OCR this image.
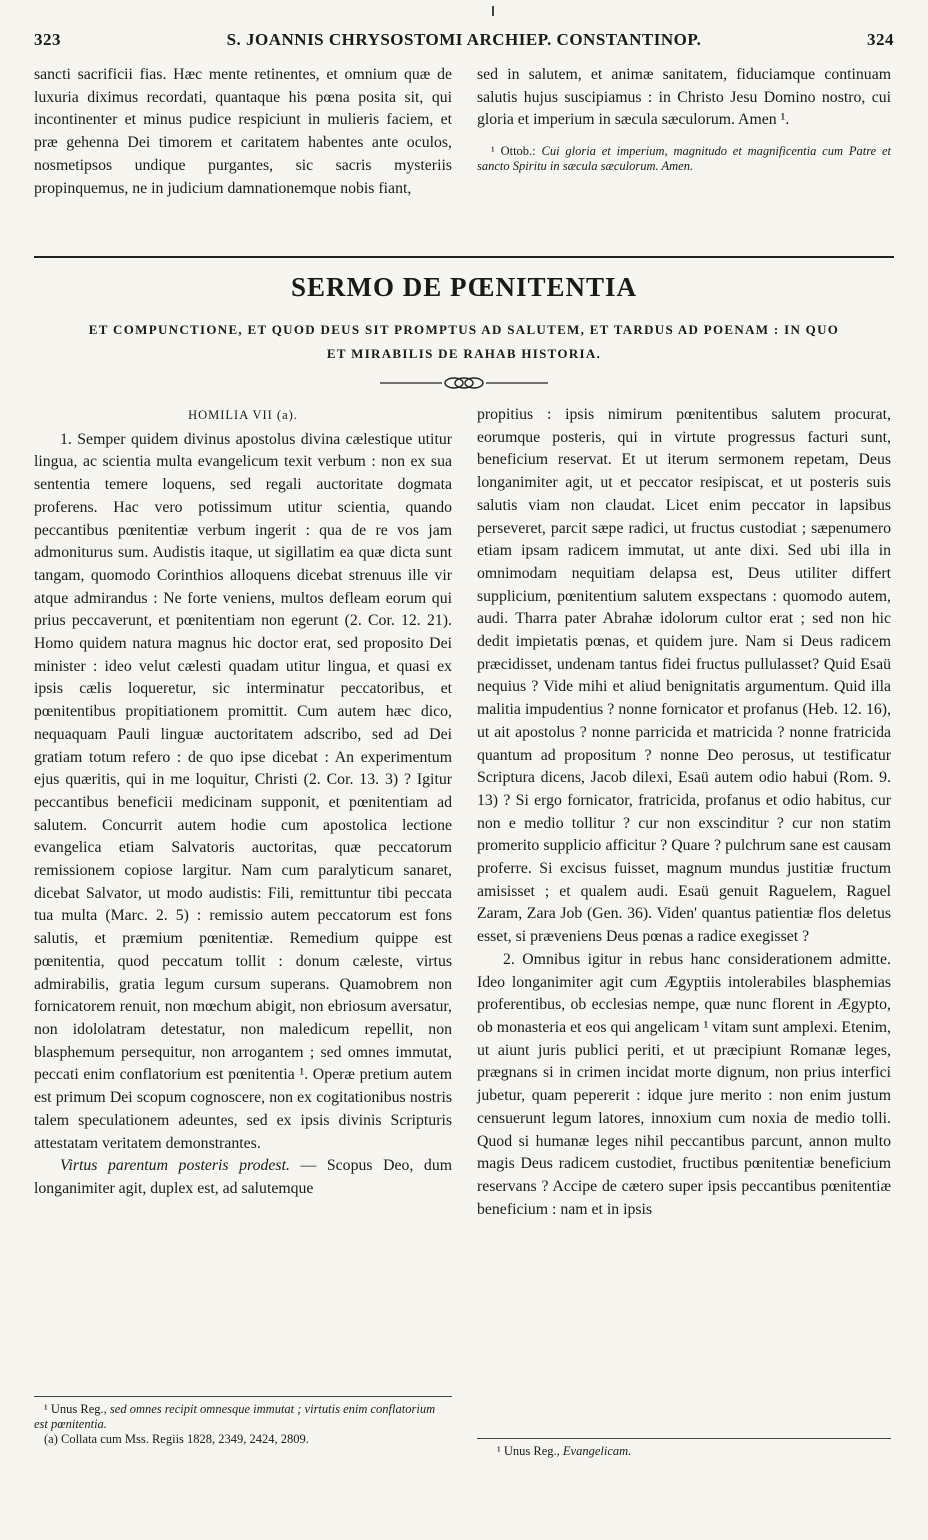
323	S. JOANNIS CHRYSOSTOMI ARCHIEP. CONSTANTINOP.	324

sancti sacrificii fias. Hæc mente retinentes, et omnium quæ de luxuria diximus recordati, quantaque his pœna posita sit, qui incontinenter et minus pudice respiciunt in mulieris faciem, et præ gehenna Dei timorem et caritatem habentes ante oculos, nosmetipsos undique purgantes, sic sacris mysteriis propinquemus, ne in judicium damnationemque nobis fiant,

sed in salutem, et animæ sanitatem, fiduciamque continuam salutis hujus suscipiamus : in Christo Jesu Domino nostro, cui gloria et imperium in sæcula sæculorum. Amen ¹.

¹ Ottob.: Cui gloria et imperium, magnitudo et magnificentia cum Patre et sancto Spiritu in sæcula sæculorum. Amen.

SERMO DE PŒNITENTIA
ET COMPUNCTIONE, ET QUOD DEUS SIT PROMPTUS AD SALUTEM, ET TARDUS AD POENAM : IN QUO
ET MIRABILIS DE RAHAB HISTORIA.
HOMILIA VII (a).

1. Semper quidem divinus apostolus divina cælestique utitur lingua, ac scientia multa evangelicum texit verbum : non ex sua sententia temere loquens, sed regali auctoritate dogmata proferens. Hac vero potissimum utitur scientia, quando peccantibus pœnitentiæ verbum ingerit : qua de re vos jam admoniturus sum. Audistis itaque, ut sigillatim ea quæ dicta sunt tangam, quomodo Corinthios alloquens dicebat strenuus ille vir atque admirandus : Ne forte veniens, multos defleam eorum qui prius peccaverunt, et pœnitentiam non egerunt (2. Cor. 12. 21). Homo quidem natura magnus hic doctor erat, sed proposito Dei minister : ideo velut cælesti quadam utitur lingua, et quasi ex ipsis cælis loqueretur, sic interminatur peccatoribus, et pœnitentibus propitiationem promittit. Cum autem hæc dico, nequaquam Pauli linguæ auctoritatem adscribo, sed ad Dei gratiam totum refero : de quo ipse dicebat : An experimentum ejus quæritis, qui in me loquitur, Christi (2. Cor. 13. 3) ? Igitur peccantibus beneficii medicinam supponit, et pœnitentiam ad salutem. Concurrit autem hodie cum apostolica lectione evangelica etiam Salvatoris auctoritas, quæ peccatorum remissionem copiose largitur. Nam cum paralyticum sanaret, dicebat Salvator, ut modo audistis: Fili, remittuntur tibi peccata tua multa (Marc. 2. 5) : remissio autem peccatorum est fons salutis, et præmium pœnitentiæ. Remedium quippe est pœnitentia, quod peccatum tollit : donum cæleste, virtus admirabilis, gratia legum cursum superans. Quamobrem non fornicatorem renuit, non mœchum abigit, non ebriosum aversatur, non idololatram detestatur, non maledicum repellit, non blasphemum persequitur, non arrogantem ; sed omnes immutat, peccati enim conflatorium est pœnitentia ¹. Operæ pretium autem est primum Dei scopum cognoscere, non ex cogitationibus nostris talem speculationem adeuntes, sed ex ipsis divinis Scripturis attestatam veritatem demonstrantes.

Virtus parentum posteris prodest. — Scopus Deo, dum longanimiter agit, duplex est, ad salutemque

propitius : ipsis nimirum pœnitentibus salutem procurat, eorumque posteris, qui in virtute progressus facturi sunt, beneficium reservat. Et ut iterum sermonem repetam, Deus longanimiter agit, ut et peccator resipiscat, et ut posteris suis salutis viam non claudat. Licet enim peccator in lapsibus perseveret, parcit sæpe radici, ut fructus custodiat ; sæpenumero etiam ipsam radicem immutat, ut ante dixi. Sed ubi illa in omnimodam nequitiam delapsa est, Deus utiliter differt supplicium, pœnitentium salutem exspectans : quomodo autem, audi. Tharra pater Abrahæ idolorum cultor erat ; sed non hic dedit impietatis pœnas, et quidem jure. Nam si Deus radicem præcidisset, undenam tantus fidei fructus pullulasset? Quid Esaü nequius ? Vide mihi et aliud benignitatis argumentum. Quid illa malitia impudentius ? nonne fornicator et profanus (Heb. 12. 16), ut ait apostolus ? nonne parricida et matricida ? nonne fratricida quantum ad propositum ? nonne Deo perosus, ut testificatur Scriptura dicens, Jacob dilexi, Esaü autem odio habui (Rom. 9. 13) ? Si ergo fornicator, fratricida, profanus et odio habitus, cur non e medio tollitur ? cur non exscinditur ? cur non statim promerito supplicio afficitur ? Quare ? pulchrum sane est causam proferre. Si excisus fuisset, magnum mundus justitiæ fructum amisisset ; et qualem audi. Esaü genuit Raguelem, Raguel Zaram, Zara Job (Gen. 36). Viden' quantus patientiæ flos deletus esset, si præveniens Deus pœnas a radice exegisset ?

2. Omnibus igitur in rebus hanc considerationem admitte. Ideo longanimiter agit cum Ægyptiis intolerabiles blasphemias proferentibus, ob ecclesias nempe, quæ nunc florent in Ægypto, ob monasteria et eos qui angelicam ¹ vitam sunt amplexi. Etenim, ut aiunt juris publici periti, et ut præcipiunt Romanæ leges, prægnans si in crimen incidat morte dignum, non prius interfici jubetur, quam pepererit : idque jure merito : non enim justum censuerunt legum latores, innoxium cum noxia de medio tolli. Quod si humanæ leges nihil peccantibus parcunt, annon multo magis Deus radicem custodiet, fructibus pœnitentiæ beneficium reservans ? Accipe de cætero super ipsis peccantibus pœnitentiæ beneficium : nam et in ipsis

¹ Unus Reg., sed omnes recipit omnesque immutat ; virtutis enim conflatorium est pœnitentia.

(a) Collata cum Mss. Regiis 1828, 2349, 2424, 2809.

¹ Unus Reg., Evangelicam.
